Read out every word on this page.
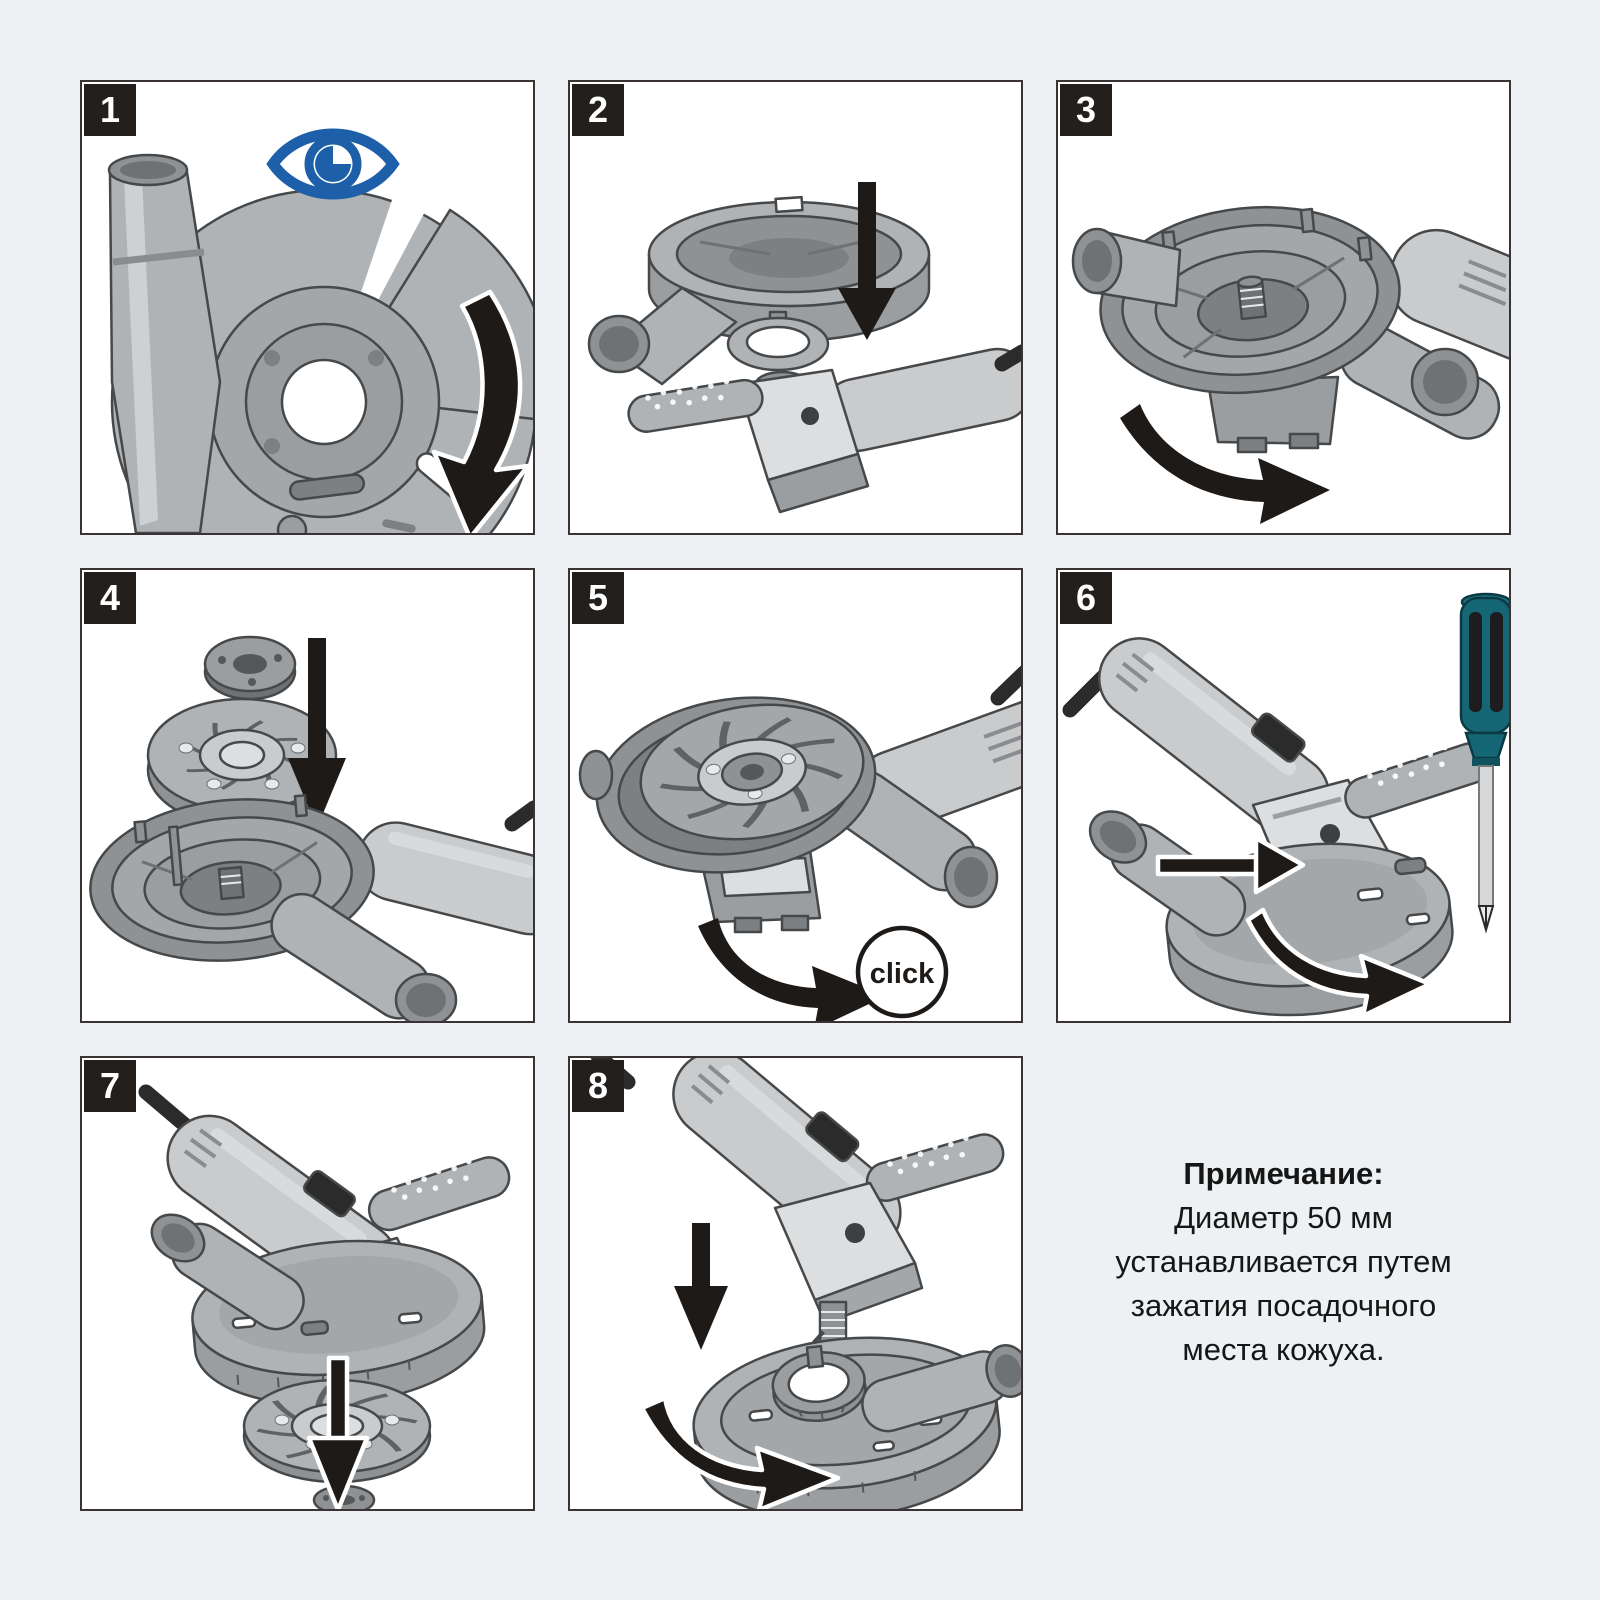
1	2	3
4	5
click
6
7	8

Примечание:

Диаметр 50 мм

устанавливается путем

зажатия посадочного

места кожуха.
